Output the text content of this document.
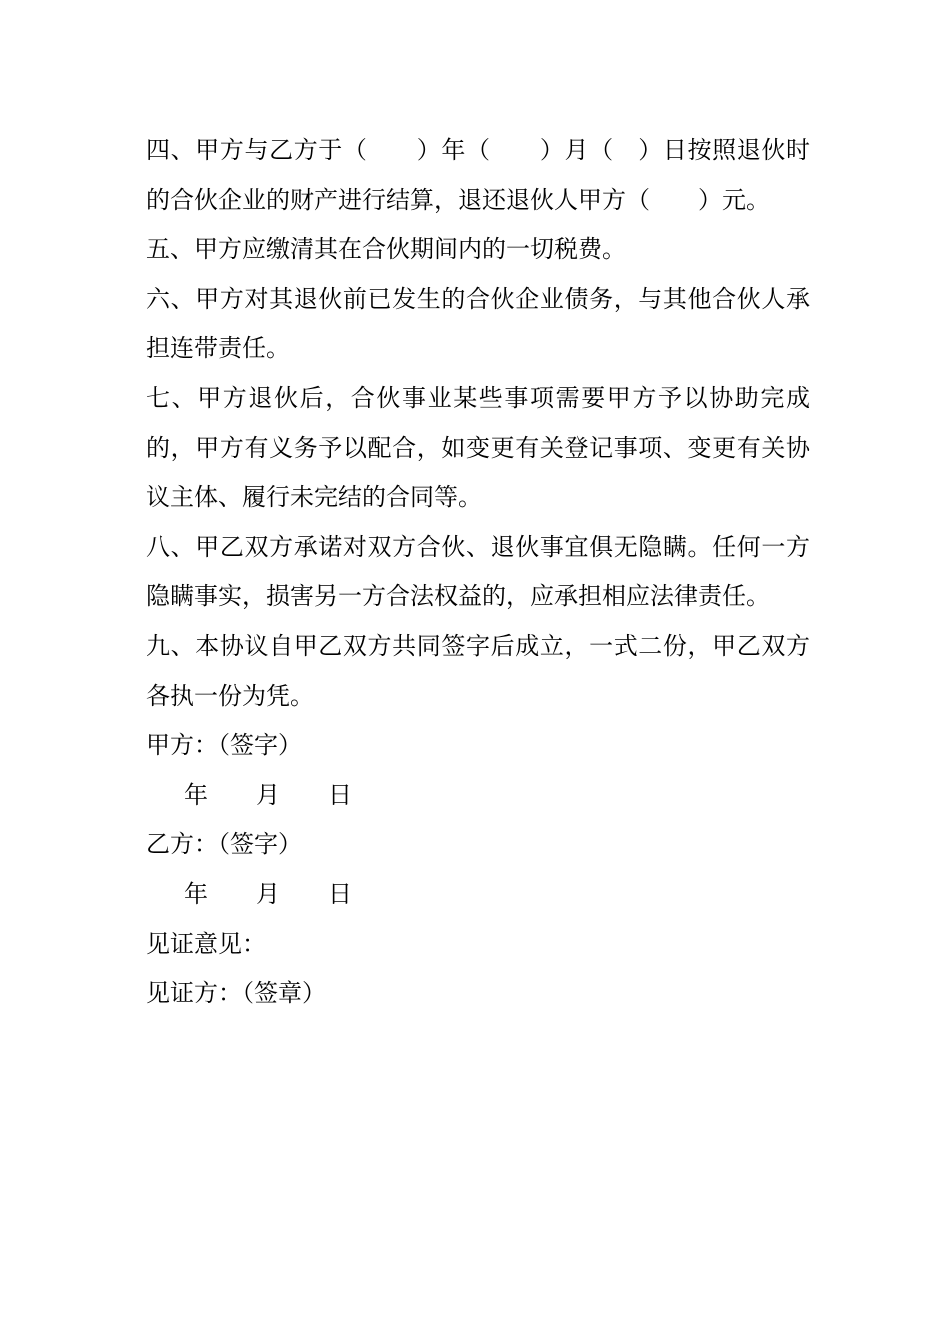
四、甲方与乙方于（　　）年（　　）月（　）日按照退伙时的合伙企业的财产进行结算，退还退伙人甲方（　　）元。

五、甲方应缴清其在合伙期间内的一切税费。

六、甲方对其退伙前已发生的合伙企业债务，与其他合伙人承担连带责任。

七、甲方退伙后，合伙事业某些事项需要甲方予以协助完成的，甲方有义务予以配合，如变更有关登记事项、变更有关协议主体、履行未完结的合同等。

八、甲乙双方承诺对双方合伙、退伙事宜俱无隐瞒。任何一方隐瞒事实，损害另一方合法权益的，应承担相应法律责任。

九、本协议自甲乙双方共同签字后成立，一式二份，甲乙双方各执一份为凭。

甲方：（签字）

年　　月　　日

乙方：（签字）

年　　月　　日

见证意见：

见证方：（签章）
